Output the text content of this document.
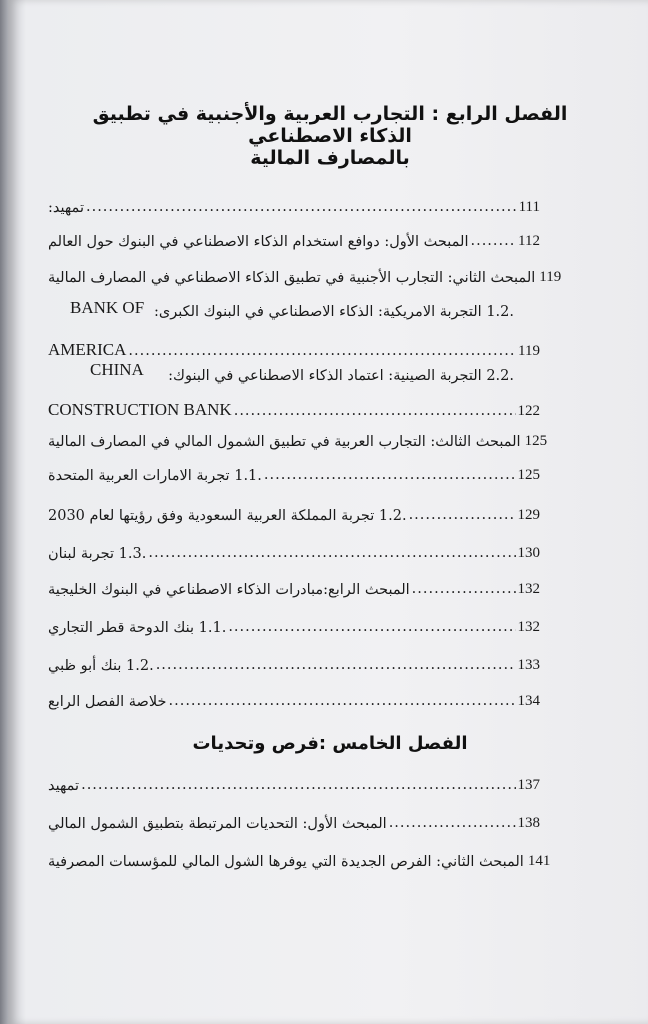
الفصل الرابع : التجارب العربية والأجنبية في تطبيق الذكاء الاصطناعي
بالمصارف المالية
تمهيد: .....	111
المبحث الأول: دوافع استخدام الذكاء الاصطناعي في البنوك حول العالم .....	112
المبحث الثاني: التجارب الأجنبية في تطبيق الذكاء الاصطناعي في المصارف المالية 119
.1.2 التجربة الامريكية: الذكاء الاصطناعي في البنوك الكبرى:
BANK OF
AMERICA .....	119
.2.2 التجربة الصينية: اعتماد الذكاء الاصطناعي في البنوك:
CHINA
CONSTRUCTION BANK .....	122
المبحث الثالث: التجارب العربية في تطبيق الشمول المالي في المصارف المالية 125
.1.1 تجربة الامارات العربية المتحدة .....	125
.1.2 تجربة المملكة العربية السعودية وفق رؤيتها لعام 2030 .....	129
.1.3 تجربة لبنان .....	130
المبحث الرابع:مبادرات الذكاء الاصطناعي في البنوك الخليجية .....	132
.1.1 بنك الدوحة قطر التجاري .....	132
.1.2 بنك أبو ظبي .....	133
خلاصة الفصل الرابع .....	134
الفصل الخامس :فرص وتحديات
تمهيد .....	137
المبحث الأول: التحديات المرتبطة بتطبيق الشمول المالي .....	138
المبحث الثاني: الفرص الجديدة التي يوفرها الشول المالي للمؤسسات المصرفية 141
